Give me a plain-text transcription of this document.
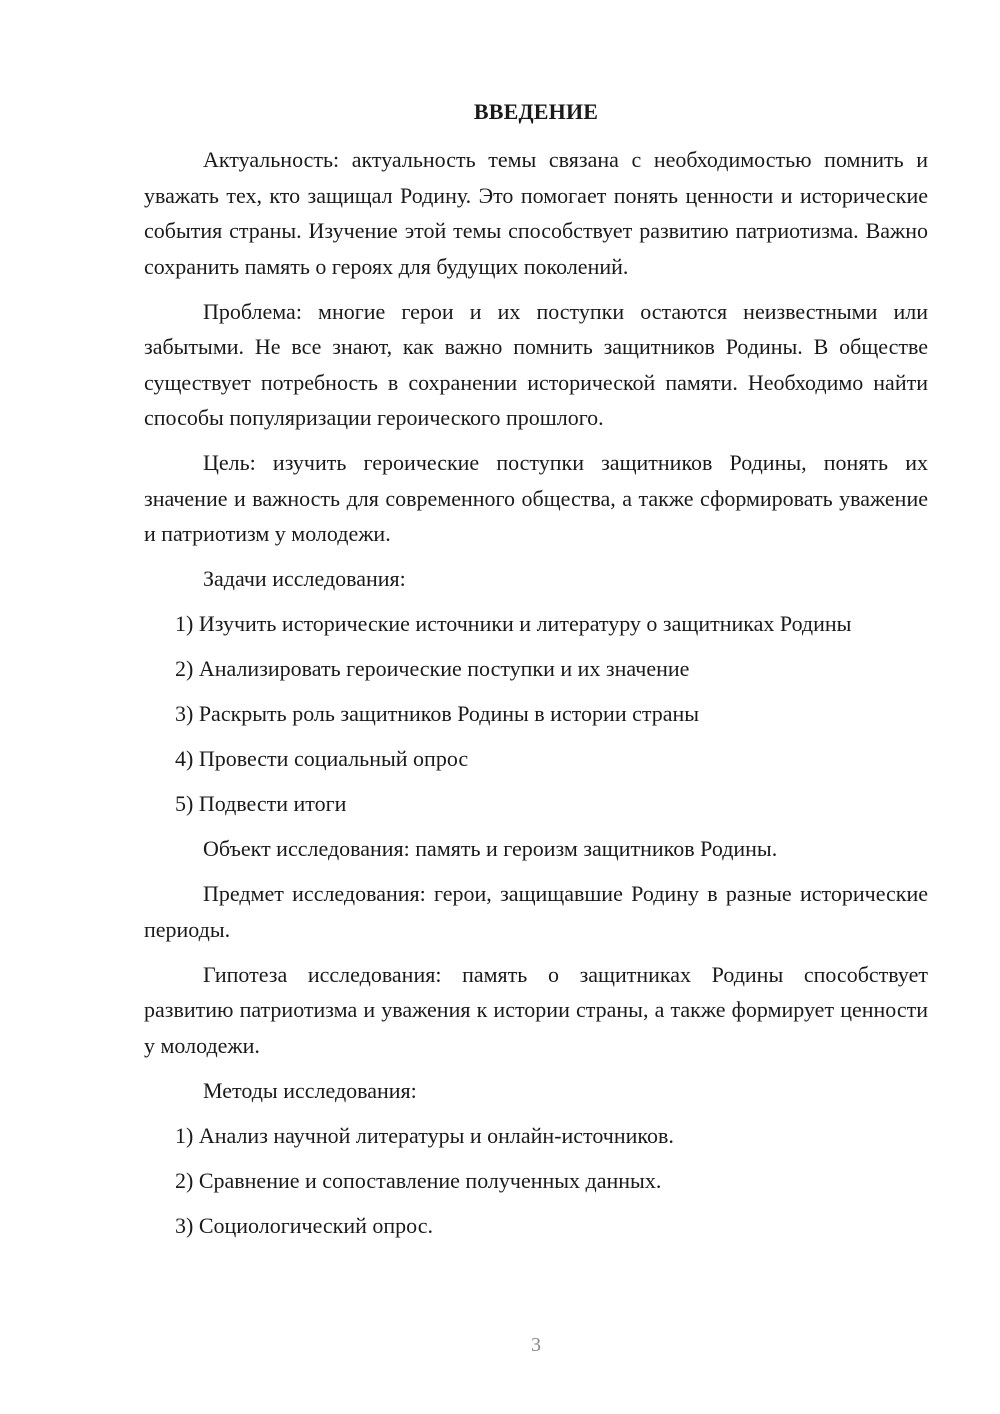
ВВЕДЕНИЕ

Актуальность: актуальность темы связана с необходимостью помнить и уважать тех, кто защищал Родину. Это помогает понять ценности и исторические события страны. Изучение этой темы способствует развитию патриотизма. Важно сохранить память о героях для будущих поколений.

Проблема: многие герои и их поступки остаются неизвестными или забытыми. Не все знают, как важно помнить защитников Родины. В обществе существует потребность в сохранении исторической памяти. Необходимо найти способы популяризации героического прошлого.

Цель: изучить героические поступки защитников Родины, понять их значение и важность для современного общества, а также сформировать уважение и патриотизм у молодежи.

Задачи исследования:

1) Изучить исторические источники и литературу о защитниках Родины

2) Анализировать героические поступки и их значение

3) Раскрыть роль защитников Родины в истории страны

4) Провести социальный опрос

5) Подвести итоги

Объект исследования: память и героизм защитников Родины.

Предмет исследования: герои, защищавшие Родину в разные исторические периоды.

Гипотеза исследования: память о защитниках Родины способствует развитию патриотизма и уважения к истории страны, а также формирует ценности у молодежи.

Методы исследования:

1) Анализ научной литературы и онлайн-источников.

2) Сравнение и сопоставление полученных данных.

3) Социологический опрос.

3
